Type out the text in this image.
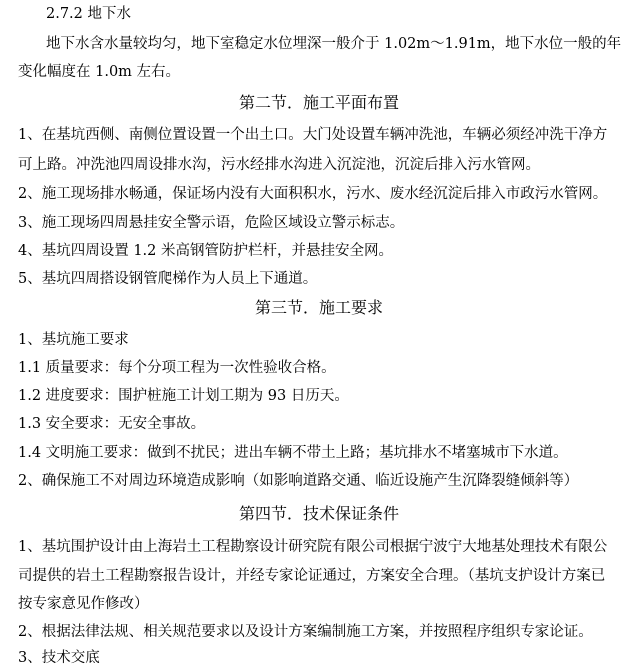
2.7.2 地下水
地下水含水量较均匀，地下室稳定水位埋深一般介于 1.02m～1.91m，地下水位一般的年
变化幅度在 1.0m 左右。
第二节．施工平面布置
1、在基坑西侧、南侧位置设置一个出土口。大门处设置车辆冲洗池，车辆必须经冲洗干净方
可上路。冲洗池四周设排水沟，污水经排水沟进入沉淀池，沉淀后排入污水管网。
2、施工现场排水畅通，保证场内没有大面积积水，污水、废水经沉淀后排入市政污水管网。
3、施工现场四周悬挂安全警示语，危险区域设立警示标志。
4、基坑四周设置 1.2 米高钢管防护栏杆，并悬挂安全网。
5、基坑四周搭设钢管爬梯作为人员上下通道。
第三节．施工要求
1、基坑施工要求
1.1 质量要求：每个分项工程为一次性验收合格。
1.2 进度要求：围护桩施工计划工期为 93 日历天。
1.3 安全要求：无安全事故。
1.4 文明施工要求：做到不扰民；进出车辆不带土上路；基坑排水不堵塞城市下水道。
2、确保施工不对周边环境造成影响（如影响道路交通、临近设施产生沉降裂缝倾斜等）
第四节．技术保证条件
1、基坑围护设计由上海岩土工程勘察设计研究院有限公司根据宁波宁大地基处理技术有限公
司提供的岩土工程勘察报告设计，并经专家论证通过，方案安全合理。（基坑支护设计方案已
按专家意见作修改）
2、根据法律法规、相关规范要求以及设计方案编制施工方案，并按照程序组织专家论证。
3、技术交底
